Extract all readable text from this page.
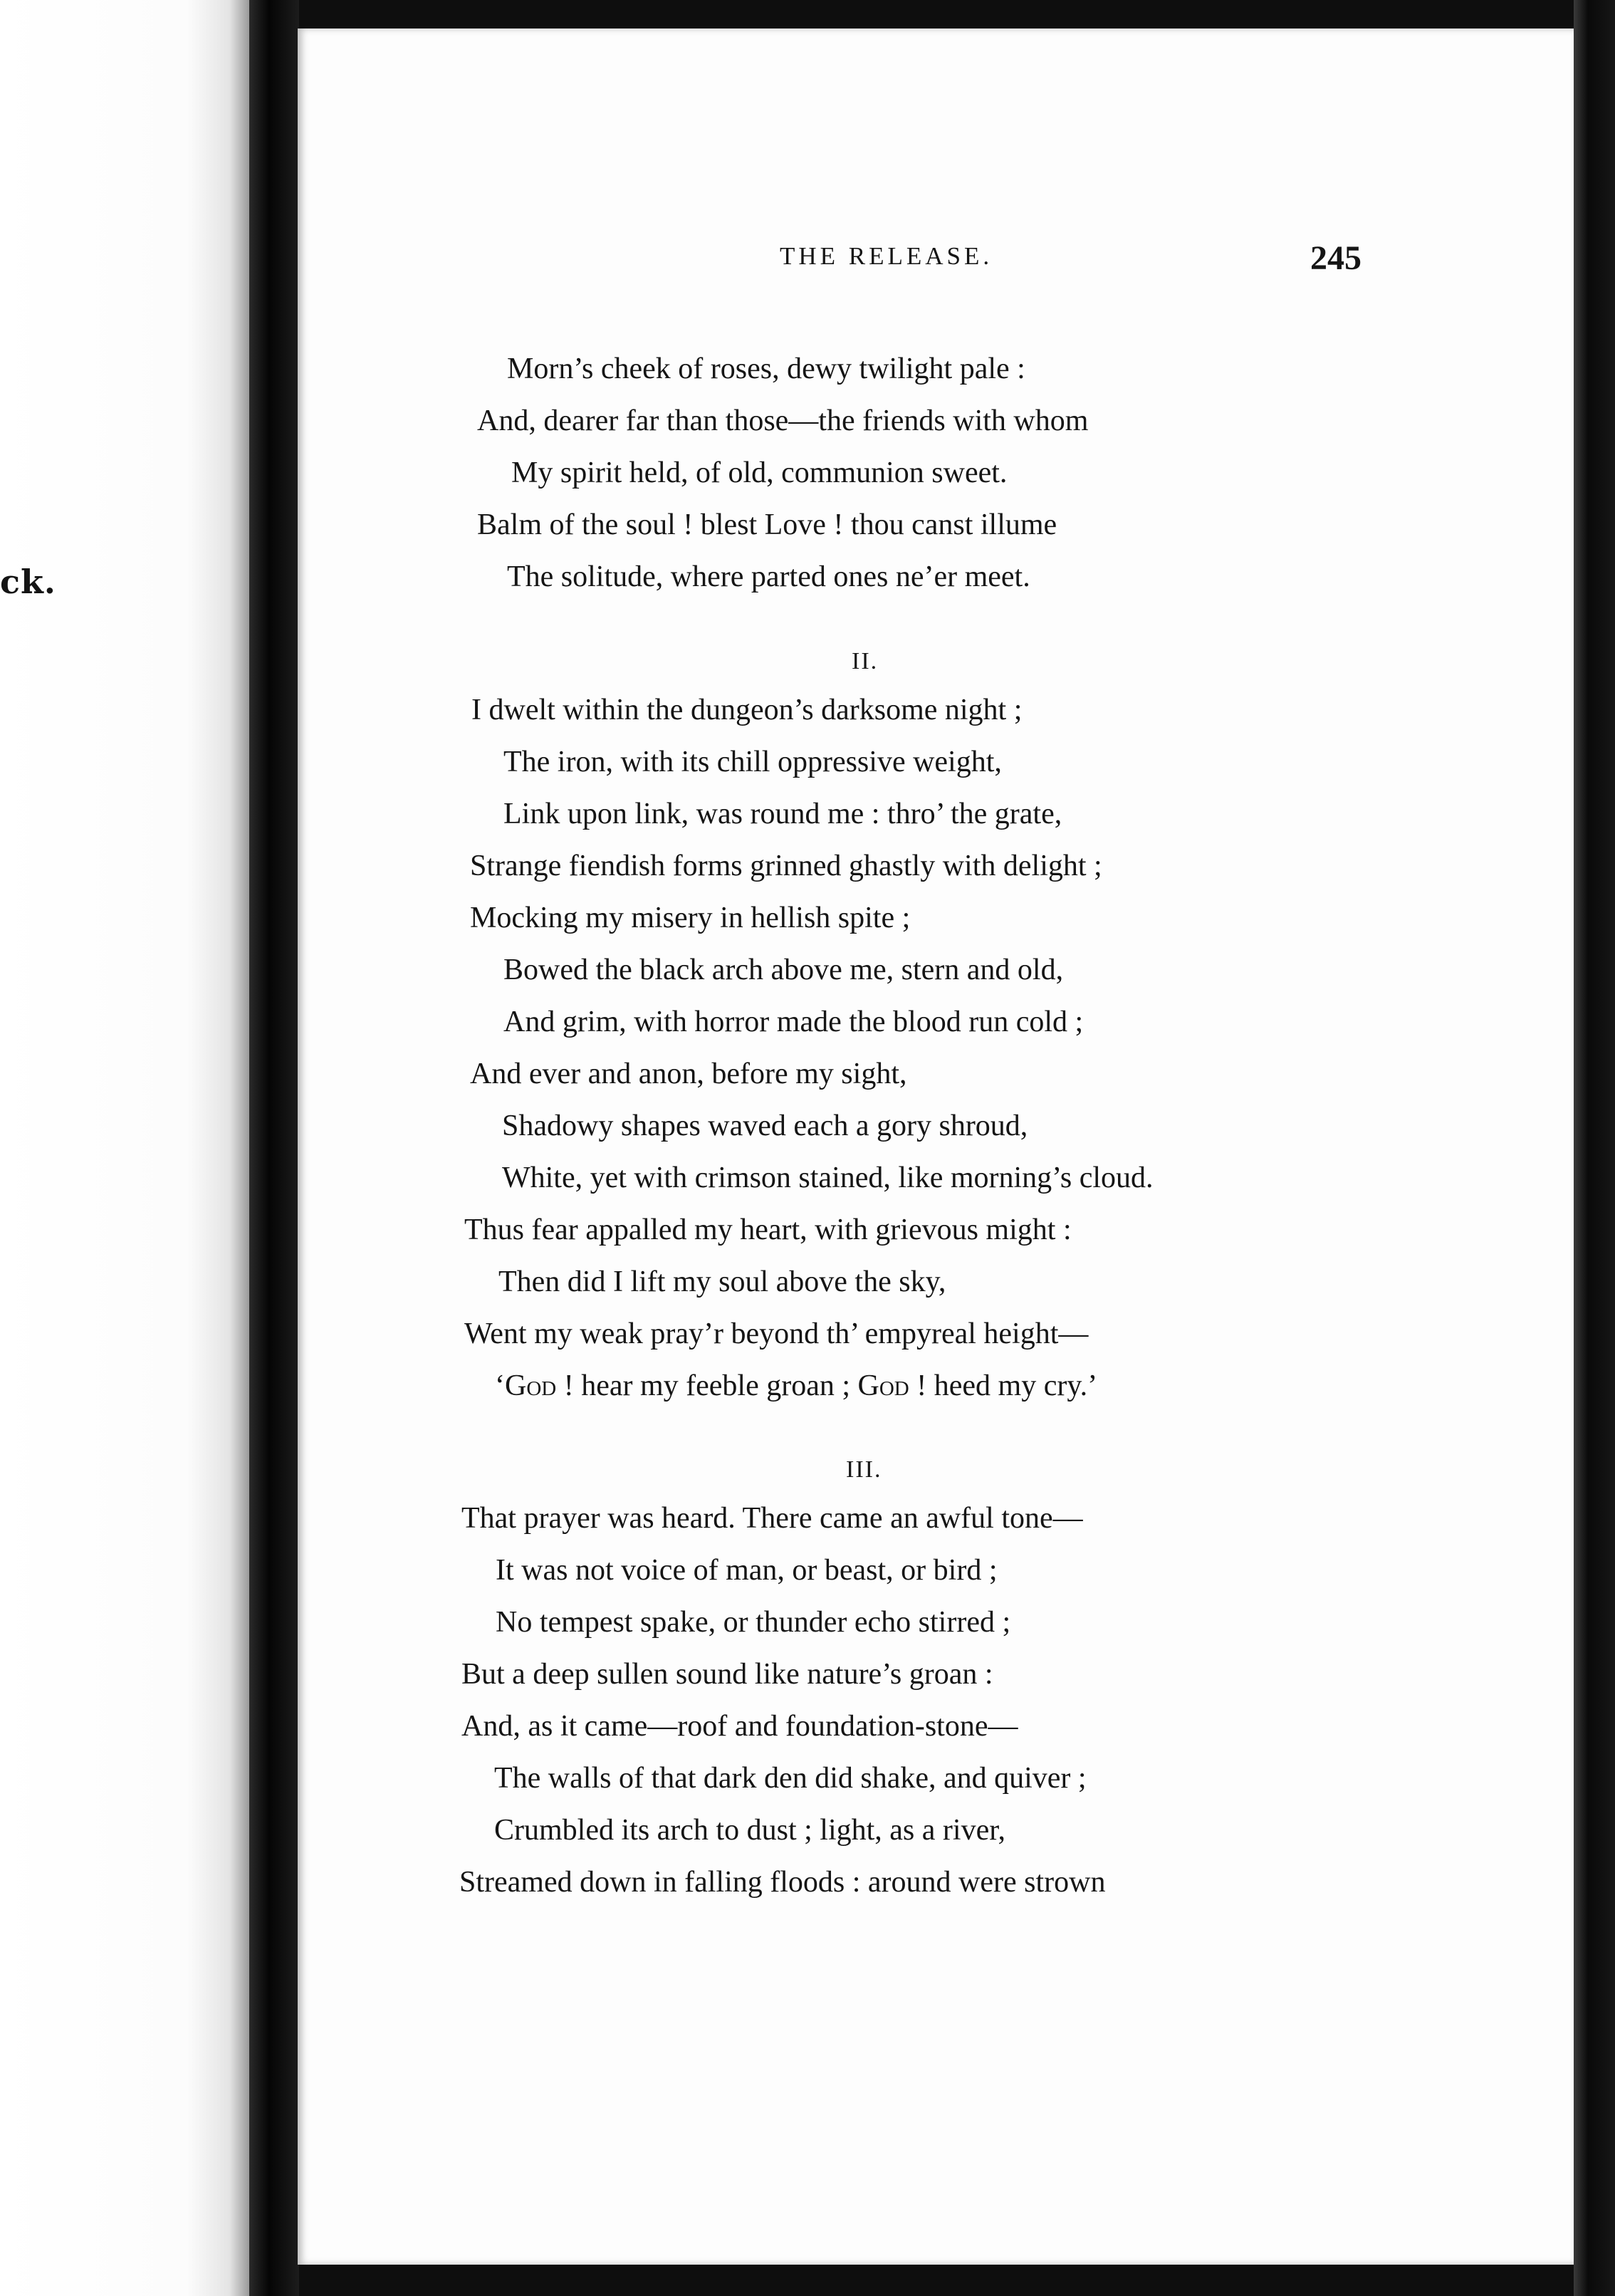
ck.
THE RELEASE.	245
Morn’s cheek of roses, dewy twilight pale :
And, dearer far than those—the friends with whom
My spirit held, of old, communion sweet.
Balm of the soul ! blest Love ! thou canst illume
The solitude, where parted ones ne’er meet.
II.
I dwelt within the dungeon’s darksome night ;
The iron, with its chill oppressive weight,
Link upon link, was round me : thro’ the grate,
Strange fiendish forms grinned ghastly with delight ;
Mocking my misery in hellish spite ;
Bowed the black arch above me, stern and old,
And grim, with horror made the blood run cold ;
And ever and anon, before my sight,
Shadowy shapes waved each a gory shroud,
White, yet with crimson stained, like morning’s cloud.
Thus fear appalled my heart, with grievous might :
Then did I lift my soul above the sky,
Went my weak pray’r beyond th’ empyreal height—
‘God ! hear my feeble groan ; God ! heed my cry.’
III.
That prayer was heard. There came an awful tone—
It was not voice of man, or beast, or bird ;
No tempest spake, or thunder echo stirred ;
But a deep sullen sound like nature’s groan :
And, as it came—roof and foundation-stone—
The walls of that dark den did shake, and quiver ;
Crumbled its arch to dust ; light, as a river,
Streamed down in falling floods : around were strown
